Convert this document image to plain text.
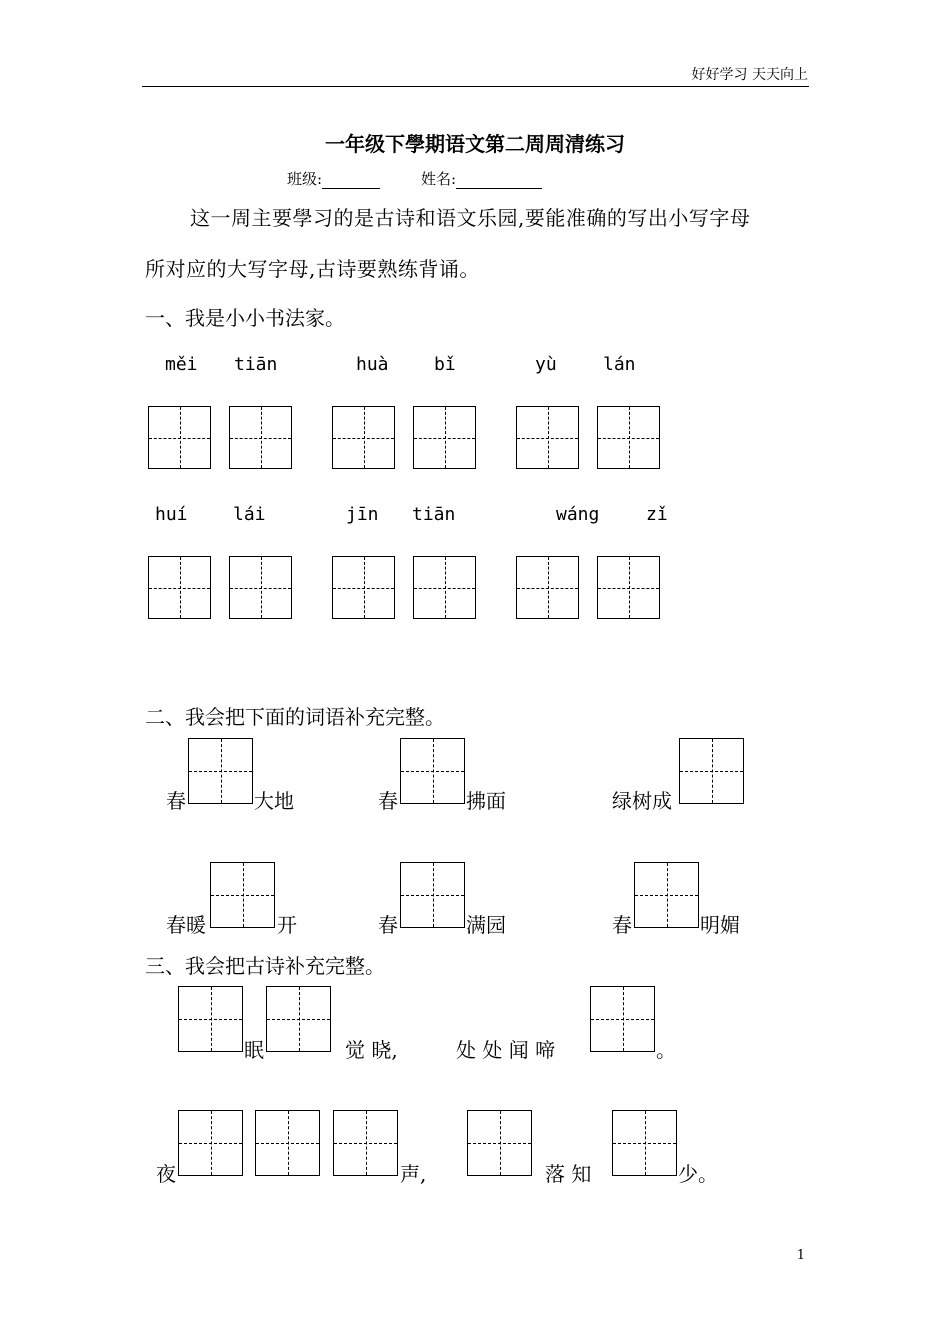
好好学习 天天向上
一年级下學期语文第二周周清练习
班级:	姓名:
这一周主要學习的是古诗和语文乐园,要能准确的写出小写字母
所对应的大写字母,古诗要熟练背诵。
一、我是小小书法家。
měi tiān	huà	bǐ	yù	lán
huí	lái	jīn tiān	wáng	zǐ
二、我会把下面的词语补充完整。
春	大地	春	拂面	绿树成
春暖	开	春	满园	春	明媚
三、我会把古诗补充完整。
眠	觉 晓,	处 处 闻 啼	。
夜	声,	落 知	少。
1
